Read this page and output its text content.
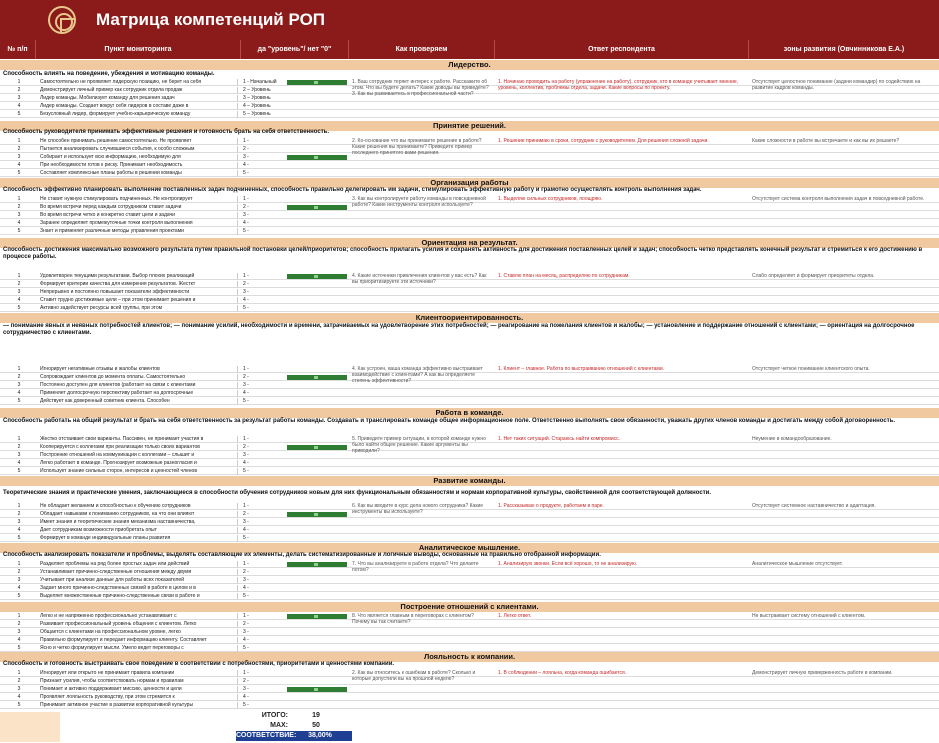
Матрица компетенций РОП
№ п/п	Пункт мониторинга	да "уровень"/ нет "0"	Как проверяем	Ответ респондента	зоны развития (Овчинникова Е.А.)
Лидерство.
Способность влиять на поведение, убеждения и мотивацию команды.
1	Самостоятельно не проявляет лидерскую позицию, не берет на себя	1 - Начальный
2	Демонстрирует личный пример как сотрудник отдела продаж	2 – Уровень
3	Лидер команды. Мобилизует команду для решения задач	3 – Уровень
4	Лидер команды. Создает вокруг себя лидеров в составе даже в	4 – Уровень
5	Безусловный лидер, формирует учебно-карьерическую команду	5 – Уровень
1. Ваш сотрудник теряет интерес к работе. Расскажите об этом. Что вы будете делать? Какие доводы вы приведёте? 3. Как вы развиваетесь в профессиональной части?
1. Начинаю проводить на работу (упражнение на работу), сотрудник, кто в команде учитывает мнение, уровень, коллектив, проблемы отдела, задачи. Какие вопросы по проекту.
Отсутствует целостное понимание (задачи командир) по содействию на развитие кадров команды.
Принятие решений.
Способность руководителя принимать эффективные решения и готовность брать на себя ответственность.
1	Не способен принимать решение самостоятельно. Не проявляет	1 -
2	Пытается анализировать случившиеся события, к особо сложным	2 -
3	Собирает и использует всю информацию, необходимую для	3 -
4	При необходимости готов к риску. Принимает необходимость	4 -
5	Составляет комплексные планы работы в решении команды	5 -
2. Ко-основание что вы принимаете решение в работе? Какие решения вы принимаете? Приведите пример последнего принятого вами решения.
1. Решение принимаю в сроки, сотрудник с руководителем. Для решения сложной задачи.	Какие сложности в работе вы встречаете и как вы их решаете?
Организация работы
Способность эффективно планировать выполнение поставленных задач подчиненных, способность правильно делегировать им задачи, стимулировать эффективную работу и грамотно осуществлять контроль выполнения задач.
1	Не ставит нужную стимулировать подчиненных. Не контролирует	1 -
2	Во время встречи перед каждым сотрудником ставит задачи	2 -
3	Во время встречи четко и конкретно ставит цели и задачи	3 -
4	Заранее определяет промежуточные точки контроля выполнения	4 -
5	Знает и применяет различные методы управления проектами	5 -
3. Как вы контролируете работу команды в повседневной работе? Какие инструменты контроля используете?
1. Выделяю сильных сотрудников, поощряю.	Отсутствует система контроля выполнения задач в повседневной работе.
Ориентация на результат.
Способность достижения максимально возможного результата путем правильной постановки целей/приоритетов; способность прилагать усилия и сохранять активность для достижения поставленных целей и задач; способность четко представлять конечный результат и стремиться к его достижению в процессе работы.
1	Удовлетворен текущими результатами. Выбор плохих реализаций	1 -
2	Формирует критерии качества для измерения результатов. Жесткт	2 -
3	Непрерывно и постоянно повышает показатели эффективности	3 -
4	Ставит трудно достижимые цели – при этом принимает решения и	4 -
5	Активно задействует ресурсы всей группы, при этом	5 -
4. Какие источники привлечения клиентов у вас есть? Как вы приоритизируете эти источники?
1. Ставлю план на месяц, распределяю по сотрудникам.	Слабо определяет и формирует приоритеты отдела.
Клиентоориентированность.
— понимание явных и неявных потребностей клиентов; — понимание усилий, необходимости и времени, затрачиваемых на удовлетворение этих потребностей; — реагирование на пожелания клиентов и жалобы; — установление и поддержание отношений с клиентами; — ориентация на долгосрочное сотрудничество с клиентами.
1	Игнорирует негативные отзывы и жалобы клиентов	1 -
2	Сопровождает клиентов до момента оплаты. Самостоятельно	2 -
3	Постоянно доступен для клиентов (работает на связи с клиентами	3 -
4	Применяет долгосрочную перспективу работает на долгосрочные	4 -
5	Действует как доверенный советник клиента. Способен	5 -
4. Как устроен, ваша команда эффективно выстраивает взаимодействие с клиентами? А как вы определяете степень эффективности?
1. Клиент – главное. Работа по выстраиванию отношений с клиентами.	Отсутствует четкое понимание клиентского опыта.
Работа в команде.
Способность работать на общий результат и брать на себя ответственность за результат работы команды. Создавать и транслировать команде общее информационное поле. Ответственно выполнять свои обязанности, уважать других членов команды и достигать между собой договоренность.
1	Жестко отстаивает свои варианты. Пассивен, не принимает участия в	1 -
2	Кооперируется с коллегами при реализации только своих вариантов	2 -
3	Построение отношений на коммуникации с коллегами – слышит и	3 -
4	Легко работает в команде. Прогнозирует возможные разногласия и	4 -
5	Использует знание сильных сторон, интересов и ценностей членов	5 -
5. Приведите пример ситуации, в которой команде нужно было найти общее решение. Какие аргументы вы приводили?
1. Нет таких ситуаций. Стараюсь найти компромисс.	Неумение в командообразование.
Развитие команды.
Теоретические знания и практические умения, заключающиеся в способности обучения сотрудников новым для них функциональным обязанностям и нормам корпоративной культуры, свойственной для соответствующей должности.
1	Не обладает желанием и способностью к обучению сотрудников	1 -
2	Обладает навыками к пониманию сотрудников, на что они влияют	2 -
3	Имеет знания и теоретические знания механизма наставничества,	3 -
4	Дает сотрудникам возможности приобретать опыт	4 -
5	Формирует в команде индивидуальные планы развития	5 -
6. Как вы вводите в курс дела нового сотрудника? Какие инструменты вы используете?
1. Рассказываю о продукте, работаем в паре.	Отсутствует системное наставничество и адаптация.
Аналитическое мышление.
Способность анализировать показатели и проблемы, выделять составляющие их элементы, делать систематизированные и логичные выводы, основанные на правильно отобранной информации.
1	Разделяет проблемы на ряд более простых задач или действий	1 -
2	Устанавливает причинно-следственные отношения между двумя	2 -
3	Учитывает при анализе данные для работы всех показателей	3 -
4	Задает много причинно-следственных связей в работе в целом и в	4 -
5	Выделяет множественные причинно-следственные связи в работе и	5 -
7. Что вы анализируете в работе отдела? Что делаете потом?
1. Анализирую звонки. Если всё хорошо, то не анализирую.	Аналитическое мышление отсутствует.
Построение отношений с клиентами.
1	Легко и не напряженно профессионально устанавливает с	1 -
2	Развивает профессиональный уровень общения с клиентом. Легко	2 -
3	Общается с клиентами на профессиональном уровне, легко	3 -
4	Правильно формулирует и передает информацию клиенту. Составляет	4 -
5	Ясно и четко формулирует мысли. Умело ведет переговоры с	5 -
8. Что является главным в переговорах с клиентом? Почему вы так считаете?
1. Легко ответ.	Не выстраивает систему отношений с клиентом.
Лояльность к компании.
Способность и готовность выстраивать свое поведение в соответствии с потребностями, приоритетами и ценностями компании.
1	Игнорирует или открыто не принимает правила компании	1 -
2	Признает усилия, чтобы соответствовать нормам и правилам	2 -
3	Понимает и активно поддерживает миссию, ценности и цели	3 -
4	Проявляет лояльность руководству, при этом стремится к	4 -
5	Принимает активное участие в развитии корпоративной культуры	5 -
2. Как вы относитесь к ошибкам в работе? Сколько и которые допустили вы на прошлой неделе?
1. В соблюдении – лояльна, когда команда ошибается.	Демонстрирует личную приверженность работе в компании.
ИТОГО:	19
MAX:	50
СООТВЕТСТВИЕ:	38,00%
